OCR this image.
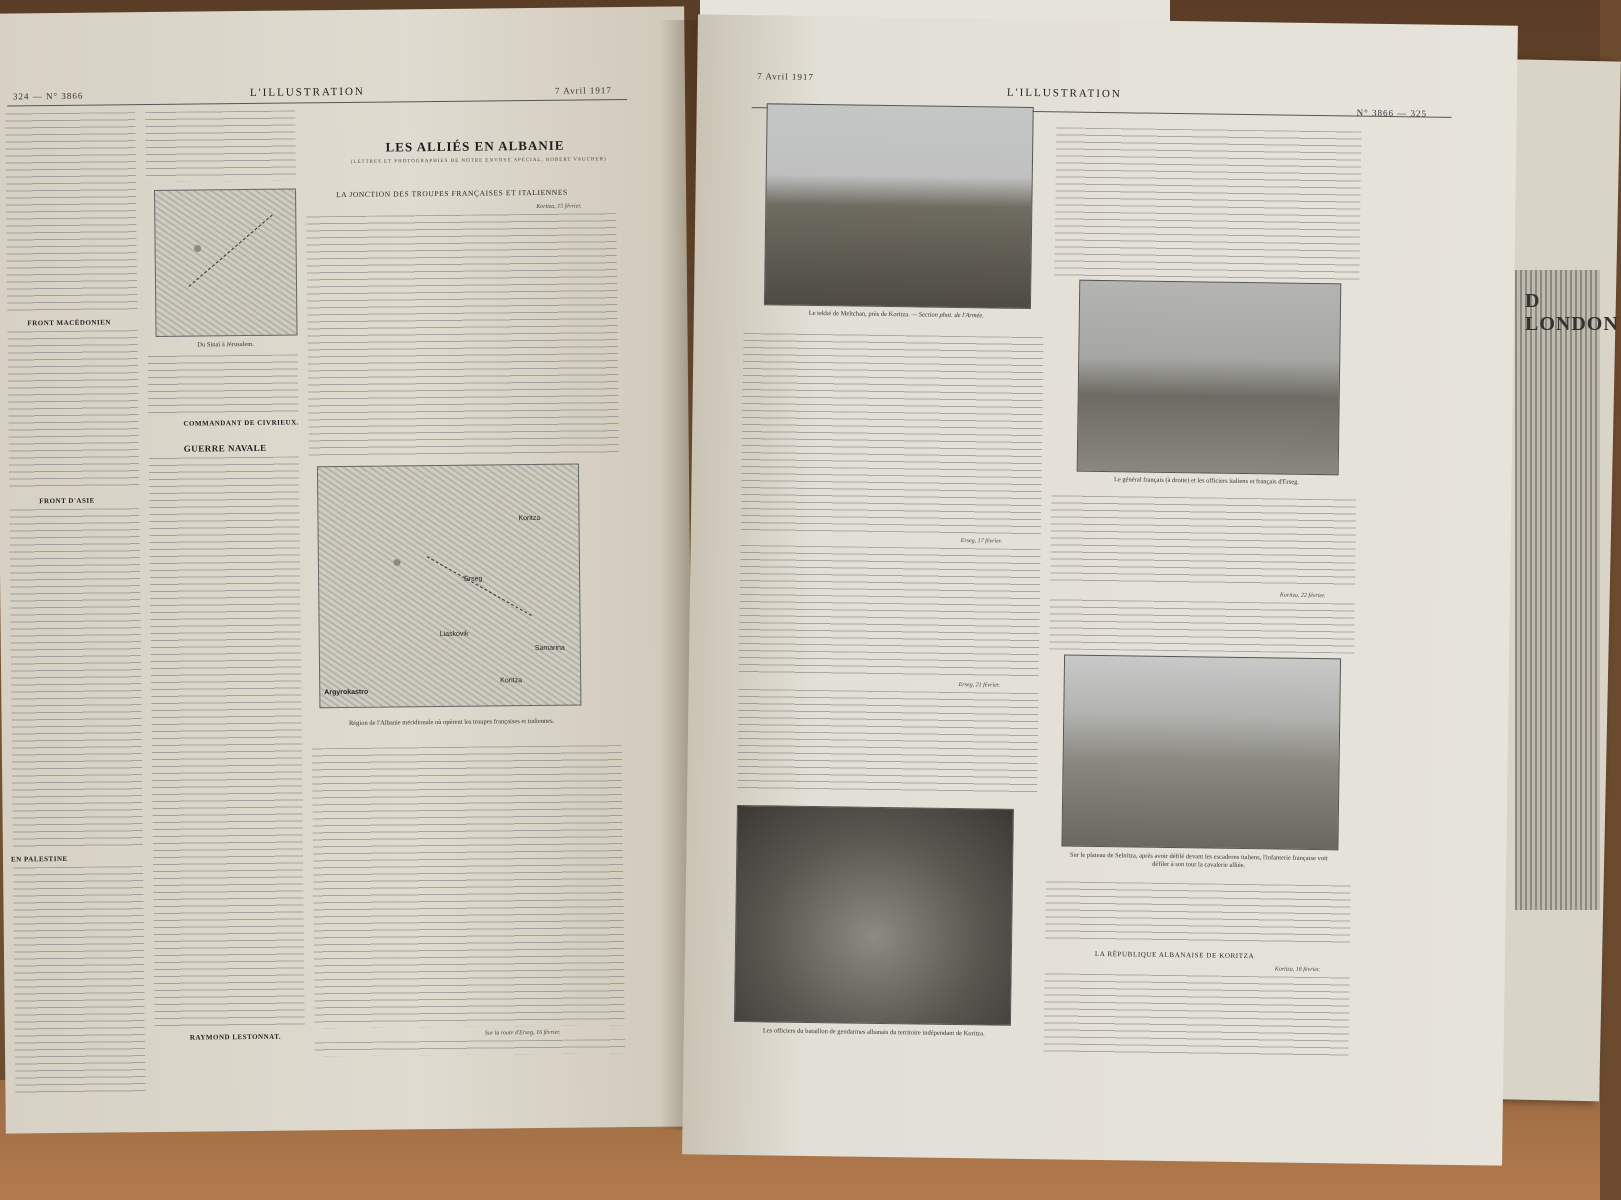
D LONDON
324 — N° 3866	L'ILLUSTRATION	7 Avril 1917
FRONT MACÉDONIEN
FRONT D'ASIE
EN PALESTINE
Du Sinaï à Jérusalem.
COMMANDANT DE CIVRIEUX.
GUERRE NAVALE
RAYMOND LESTONNAT.
LES ALLIÉS EN ALBANIE
(LETTRES ET PHOTOGRAPHIES DE NOTRE ENVOYÉ SPÉCIAL, ROBERT VAUCHER)
LA JONCTION DES TROUPES FRANÇAISES ET ITALIENNES
Koritza, 15 février.
Koritza
Erseg
Liaskovik
Koritza
Argyrokastro
Samarina
Région de l'Albanie méridionale où opèrent les troupes françaises et italiennes.
Sur la route d'Erseg, 16 février.
7 Avril 1917
L'ILLUSTRATION
N° 3866 — 325
Le tekké de Meltchan, près de Koritza. — Section phot. de l'Armée.
Erseg, 17 février.
Erseg, 21 février.
Les officiers du bataillon de gendarmes albanais du territoire indépendant de Koritza.
Le général français (à droite) et les officiers italiens et français d'Erseg.
Koritza, 22 février.
Sur le plateau de Selnitza, après avoir défilé devant les escadrons italiens, l'infanterie française voit défiler à son tour la cavalerie alliée.
LA RÉPUBLIQUE ALBANAISE DE KORITZA
Koritza, 16 février.
